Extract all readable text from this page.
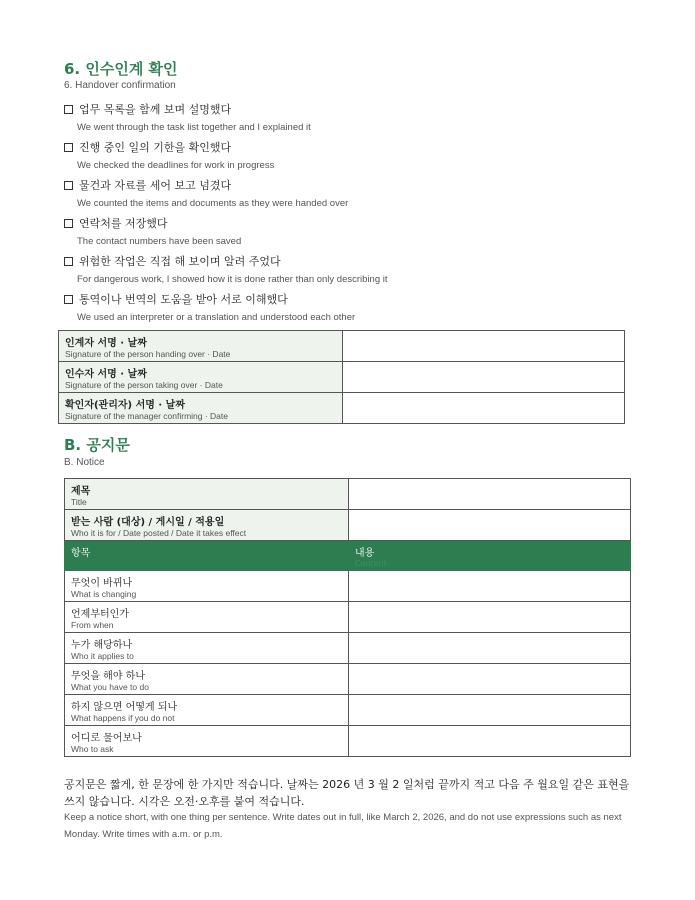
6. 인수인계 확인
6. Handover confirmation
업무 목록을 함께 보며 설명했다
We went through the task list together and I explained it
진행 중인 일의 기한을 확인했다
We checked the deadlines for work in progress
물건과 자료를 세어 보고 넘겼다
We counted the items and documents as they were handed over
연락처를 저장했다
The contact numbers have been saved
위험한 작업은 직접 해 보이며 알려 주었다
For dangerous work, I showed how it is done rather than only describing it
통역이나 번역의 도움을 받아 서로 이해했다
We used an interpreter or a translation and understood each other
인계자 서명 · 날짜
Signature of the person handing over · Date	

인수자 서명 · 날짜
Signature of the person taking over · Date	

확인자(관리자) 서명 · 날짜
Signature of the manager confirming · Date	

B. 공지문
B. Notice
제목
Title	

받는 사람 (대상) / 게시일 / 적용일
Who it is for / Date posted / Date it takes effect	

항목	내용
Content

무엇이 바뀌나
What is changing	

언제부터인가
From when	

누가 해당하나
Who it applies to	

무엇을 해야 하나
What you have to do	

하지 않으면 어떻게 되나
What happens if you do not	

어디로 물어보나
Who to ask	

공지문은 짧게, 한 문장에 한 가지만 적습니다. 날짜는 2026 년 3 월 2 일처럼 끝까지 적고 다음 주 월요일 같은 표현을 쓰지 않습니다. 시각은 오전·오후를 붙여 적습니다.

Keep a notice short, with one thing per sentence. Write dates out in full, like March 2, 2026, and do not use expressions such as next Monday. Write times with a.m. or p.m.
